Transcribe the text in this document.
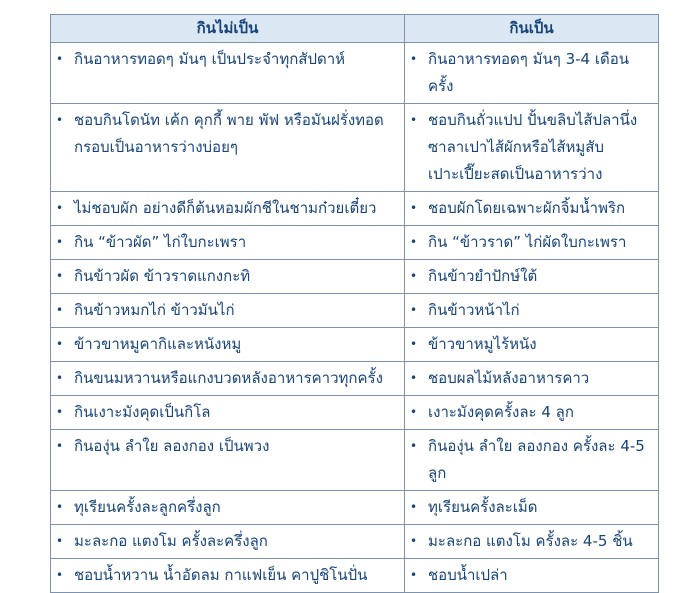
กินไม่เป็น	กินเป็น

• กินอาหารทอดๆ มันๆ เป็นประจำทุกสัปดาห์	• กินอาหารทอดๆ มันๆ 3-4 เดือนครั้ง

• ชอบกินโดนัท เค้ก คุกกี้ พาย พัฟ หรือมันฝรั่งทอดกรอบเป็นอาหารว่างบ่อยๆ	• ชอบกินถั่วแปป ปั้นขลิบไส้ปลานึ่ง ซาลาเปาไส้ผักหรือไส้หมูสับ เปาะเปี๊ยะสดเป็นอาหารว่าง

• ไม่ชอบผัก อย่างดีก็ต้นหอมผักชีในชามก๋วยเตี๋ยว	• ชอบผักโดยเฉพาะผักจิ้มน้ำพริก

• กิน “ข้าวผัด” ไก่ใบกะเพรา	• กิน “ข้าวราด” ไก่ผัดใบกะเพรา

• กินข้าวผัด ข้าวราดแกงกะทิ	• กินข้าวยำปักษ์ใต้

• กินข้าวหมกไก่ ข้าวมันไก่	• กินข้าวหน้าไก่

• ข้าวขาหมูคากิและหนังหมู	• ข้าวขาหมูไร้หนัง

• กินขนมหวานหรือแกงบวดหลังอาหารคาวทุกครั้ง	• ชอบผลไม้หลังอาหารคาว

• กินเงาะมังคุดเป็นกิโล	• เงาะมังคุดครั้งละ 4 ลูก

• กินองุ่น ลำใย ลองกอง เป็นพวง	• กินองุ่น ลำใย ลองกอง ครั้งละ 4-5 ลูก

• ทุเรียนครั้งละลูกครึ่งลูก	• ทุเรียนครั้งละเม็ด

• มะละกอ แตงโม ครั้งละครึ่งลูก	• มะละกอ แตงโม ครั้งละ 4-5 ชิ้น

• ชอบน้ำหวาน น้ำอัดลม กาแฟเย็น คาปูชิโนปั่น	• ชอบน้ำเปล่า
